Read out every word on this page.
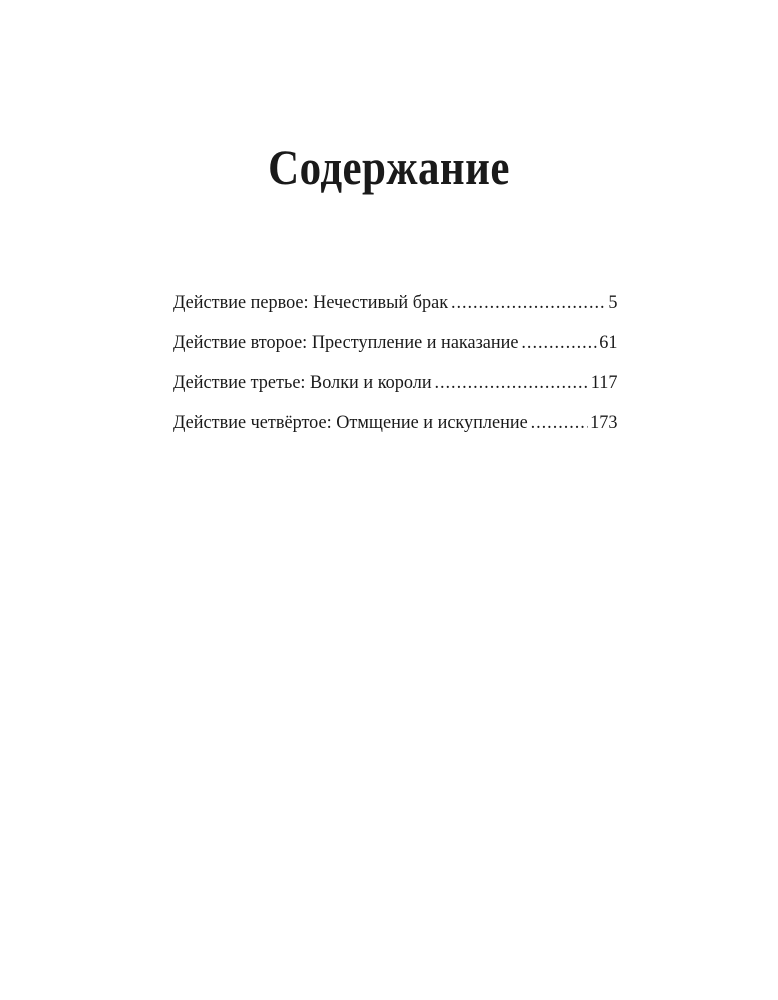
Содержание
Действие первое: Нечестивый брак .....	5
Действие второе: Преступление и наказание .....	61
Действие третье: Волки и короли .....	117
Действие четвёртое: Отмщение и искупление .....	173
